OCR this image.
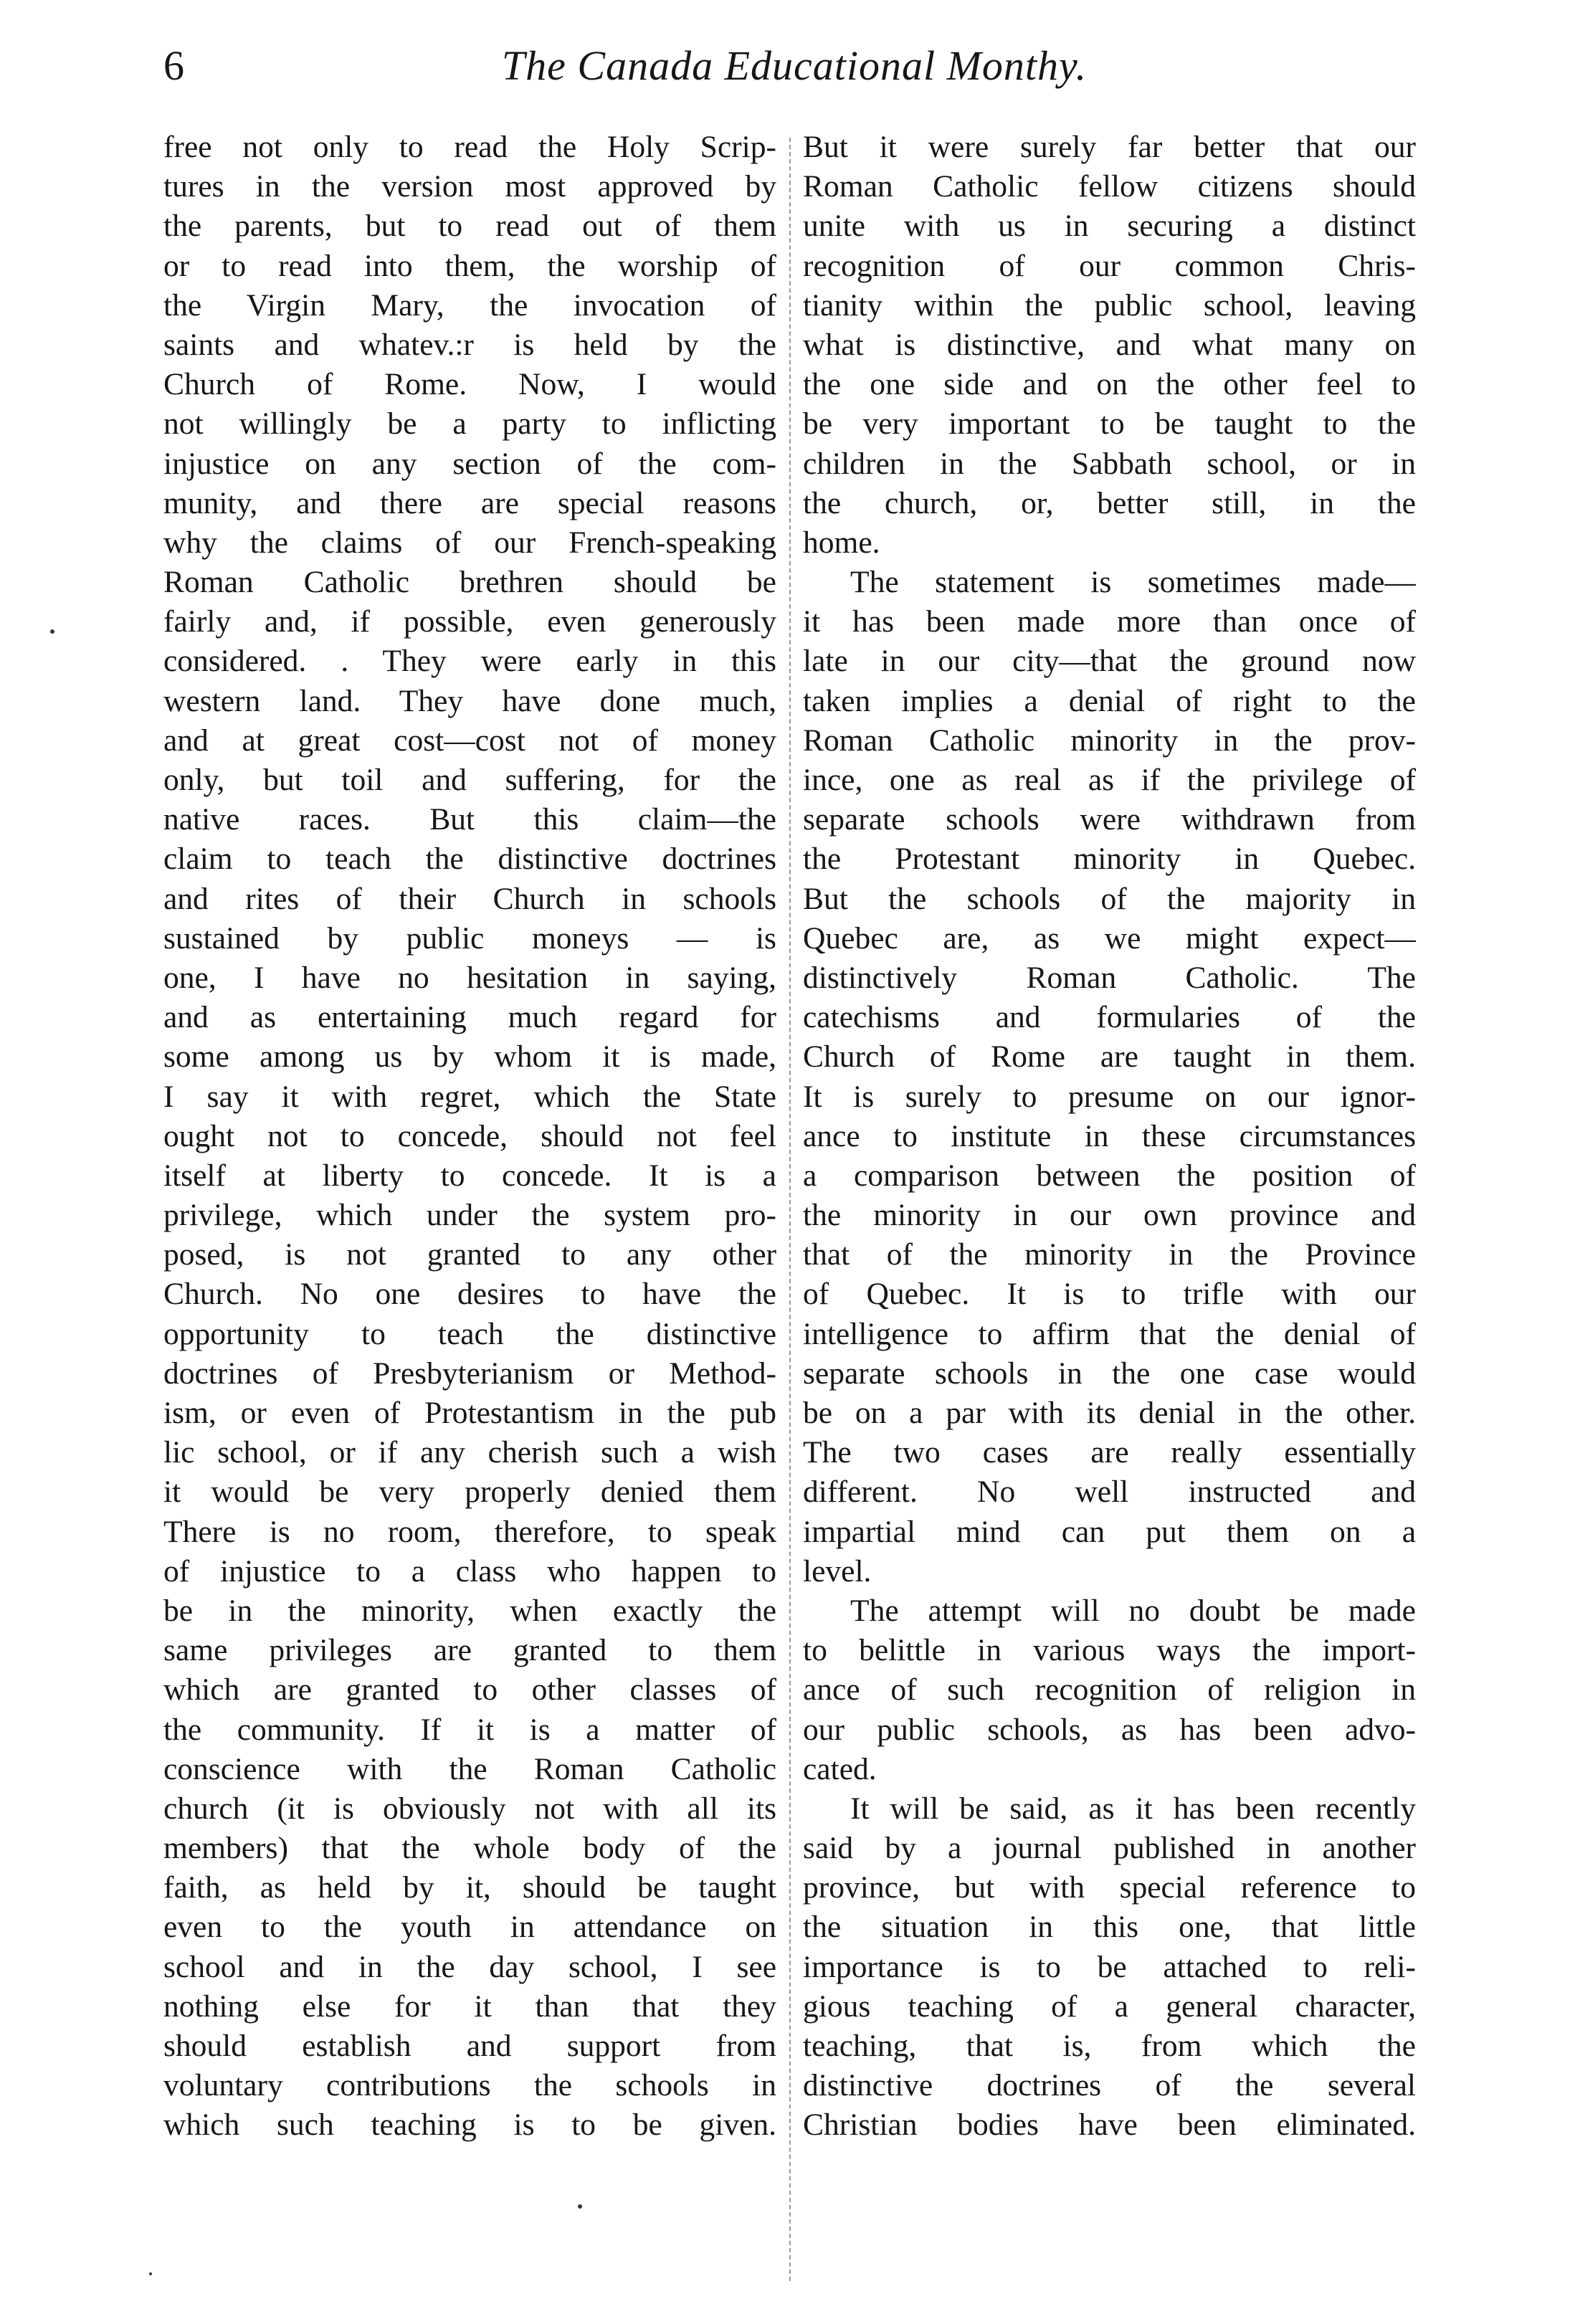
6	The Canada Educational Monthy.
free not only to read the Holy Scrip-
tures in the version most approved by
the parents, but to read out of them
or to read into them, the worship of
the Virgin Mary, the invocation of
saints and whatev.:r is held by the
Church of Rome. Now, I would
not willingly be a party to inflicting
injustice on any section of the com-
munity, and there are special reasons
why the claims of our French-speaking
Roman Catholic brethren should be
fairly and, if possible, even generously
considered. . They were early in this
western land. They have done much,
and at great cost—cost not of money
only, but toil and suffering, for the
native races. But this claim—the
claim to teach the distinctive doctrines
and rites of their Church in schools
sustained by public moneys — is
one, I have no hesitation in saying,
and as entertaining much regard for
some among us by whom it is made,
I say it with regret, which the State
ought not to concede, should not feel
itself at liberty to concede. It is a
privilege, which under the system pro-
posed, is not granted to any other
Church. No one desires to have the
opportunity to teach the distinctive
doctrines of Presbyterianism or Method-
ism, or even of Protestantism in the pub
lic school, or if any cherish such a wish
it would be very properly denied them
There is no room, therefore, to speak
of injustice to a class who happen to
be in the minority, when exactly the
same privileges are granted to them
which are granted to other classes of
the community. If it is a matter of
conscience with the Roman Catholic
church (it is obviously not with all its
members) that the whole body of the
faith, as held by it, should be taught
even to the youth in attendance on
school and in the day school, I see
nothing else for it than that they
should establish and support from
voluntary contributions the schools in
which such teaching is to be given.
But it were surely far better that our
Roman Catholic fellow citizens should
unite with us in securing a distinct
recognition of our common Chris-
tianity within the public school, leaving
what is distinctive, and what many on
the one side and on the other feel to
be very important to be taught to the
children in the Sabbath school, or in
the church, or, better still, in the
home.
The statement is sometimes made—
it has been made more than once of
late in our city—that the ground now
taken implies a denial of right to the
Roman Catholic minority in the prov-
ince, one as real as if the privilege of
separate schools were withdrawn from
the Protestant minority in Quebec.
But the schools of the majority in
Quebec are, as we might expect—
distinctively Roman Catholic. The
catechisms and formularies of the
Church of Rome are taught in them.
It is surely to presume on our ignor-
ance to institute in these circumstances
a comparison between the position of
the minority in our own province and
that of the minority in the Province
of Quebec. It is to trifle with our
intelligence to affirm that the denial of
separate schools in the one case would
be on a par with its denial in the other.
The two cases are really essentially
different. No well instructed and
impartial mind can put them on a
level.
The attempt will no doubt be made
to belittle in various ways the import-
ance of such recognition of religion in
our public schools, as has been advo-
cated.
It will be said, as it has been recently
said by a journal published in another
province, but with special reference to
the situation in this one, that little
importance is to be attached to reli-
gious teaching of a general character,
teaching, that is, from which the
distinctive doctrines of the several
Christian bodies have been eliminated.
